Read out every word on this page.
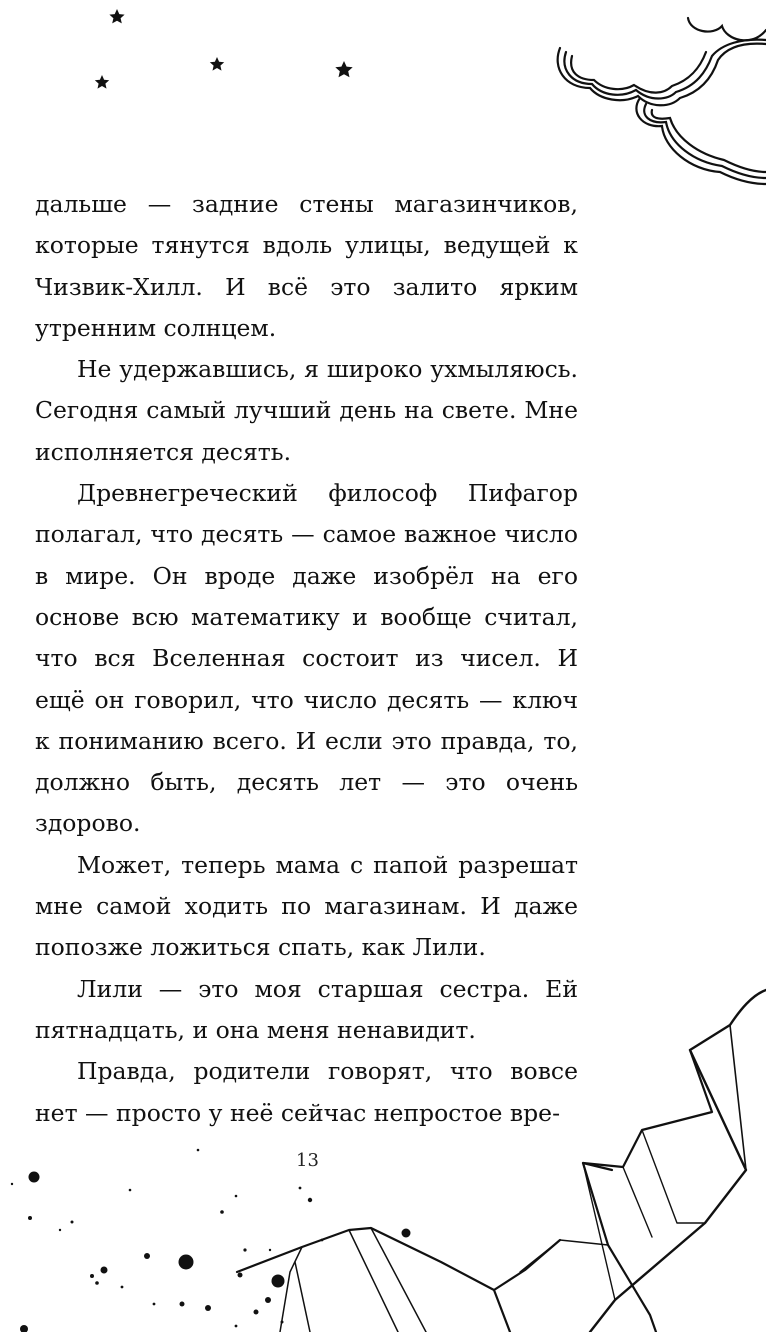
дальше — задние стены магазинчиков, которые тянутся вдоль улицы, ведущей к Чизвик-Хилл. И всё это залито ярким утренним солнцем.

Не удержавшись, я широко ухмыляюсь. Сегодня самый лучший день на свете. Мне исполняется десять.

Древнегреческий философ Пифагор полагал, что десять — самое важное число в мире. Он вроде даже изобрёл на его основе всю математику и вообще считал, что вся Вселенная состоит из чисел. И ещё он говорил, что число десять — ключ к пониманию всего. И если это правда, то, должно быть, десять лет — это очень здорово.

Может, теперь мама с папой разрешат мне самой ходить по магазинам. И даже попозже ложиться спать, как Лили.

Лили — это моя старшая сестра. Ей пятнадцать, и она меня ненавидит.

Правда, родители говорят, что вовсе нет — просто у неё сейчас непростое вре-

13
